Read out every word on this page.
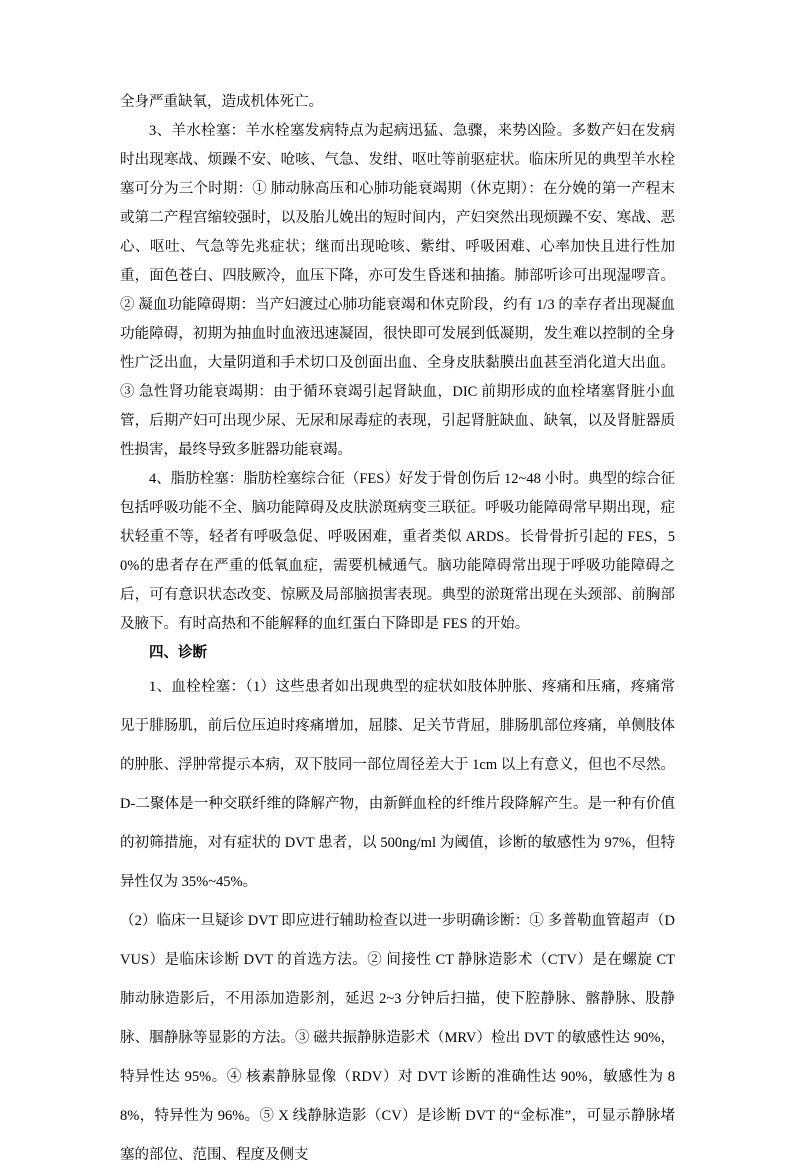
全身严重缺氧，造成机体死亡。

3、羊水栓塞：羊水栓塞发病特点为起病迅猛、急骤，来势凶险。多数产妇在发病时出现寒战、烦躁不安、呛咳、气急、发绀、呕吐等前驱症状。临床所见的典型羊水栓塞可分为三个时期：① 肺动脉高压和心肺功能衰竭期（休克期）：在分娩的第一产程末或第二产程宫缩较强时，以及胎儿娩出的短时间内，产妇突然出现烦躁不安、寒战、恶心、呕吐、气急等先兆症状；继而出现呛咳、紫绀、呼吸困难、心率加快且进行性加重，面色苍白、四肢厥冷，血压下降，亦可发生昏迷和抽搐。肺部听诊可出现湿啰音。② 凝血功能障碍期：当产妇渡过心肺功能衰竭和休克阶段，约有 1/3 的幸存者出现凝血功能障碍，初期为抽血时血液迅速凝固，很快即可发展到低凝期，发生难以控制的全身性广泛出血，大量阴道和手术切口及创面出血、全身皮肤黏膜出血甚至消化道大出血。③ 急性肾功能衰竭期：由于循环衰竭引起肾缺血，DIC 前期形成的血栓堵塞肾脏小血管，后期产妇可出现少尿、无尿和尿毒症的表现，引起肾脏缺血、缺氧，以及肾脏器质性损害，最终导致多脏器功能衰竭。

4、脂肪栓塞：脂肪栓塞综合征（FES）好发于骨创伤后 12~48 小时。典型的综合征包括呼吸功能不全、脑功能障碍及皮肤淤斑病变三联征。呼吸功能障碍常早期出现，症状轻重不等，轻者有呼吸急促、呼吸困难，重者类似 ARDS。长骨骨折引起的 FES，50%的患者存在严重的低氧血症，需要机械通气。脑功能障碍常出现于呼吸功能障碍之后，可有意识状态改变、惊厥及局部脑损害表现。典型的淤斑常出现在头颈部、前胸部及腋下。有时高热和不能解释的血红蛋白下降即是 FES 的开始。

四、诊断

1、血栓栓塞：（1）这些患者如出现典型的症状如肢体肿胀、疼痛和压痛，疼痛常见于腓肠肌，前后位压迫时疼痛增加，屈膝、足关节背屈，腓肠肌部位疼痛，单侧肢体的肿胀、浮肿常提示本病，双下肢同一部位周径差大于 1cm 以上有意义，但也不尽然。D-二聚体是一种交联纤维的降解产物，由新鲜血栓的纤维片段降解产生。是一种有价值的初筛措施，对有症状的 DVT 患者，以 500ng/ml 为阈值，诊断的敏感性为 97%，但特异性仅为 35%~45%。

（2）临床一旦疑诊 DVT 即应进行辅助检查以进一步明确诊断：① 多普勒血管超声（DVUS）是临床诊断 DVT 的首选方法。② 间接性 CT 静脉造影术（CTV）是在螺旋 CT 肺动脉造影后，不用添加造影剂，延迟 2~3 分钟后扫描，使下腔静脉、髂静脉、股静脉、腘静脉等显影的方法。③ 磁共振静脉造影术（MRV）检出 DVT 的敏感性达 90%，特异性达 95%。④ 核素静脉显像（RDV）对 DVT 诊断的准确性达 90%，敏感性为 88%，特异性为 96%。⑤ X 线静脉造影（CV）是诊断 DVT 的“金标准”，可显示静脉堵塞的部位、范围、程度及侧支
